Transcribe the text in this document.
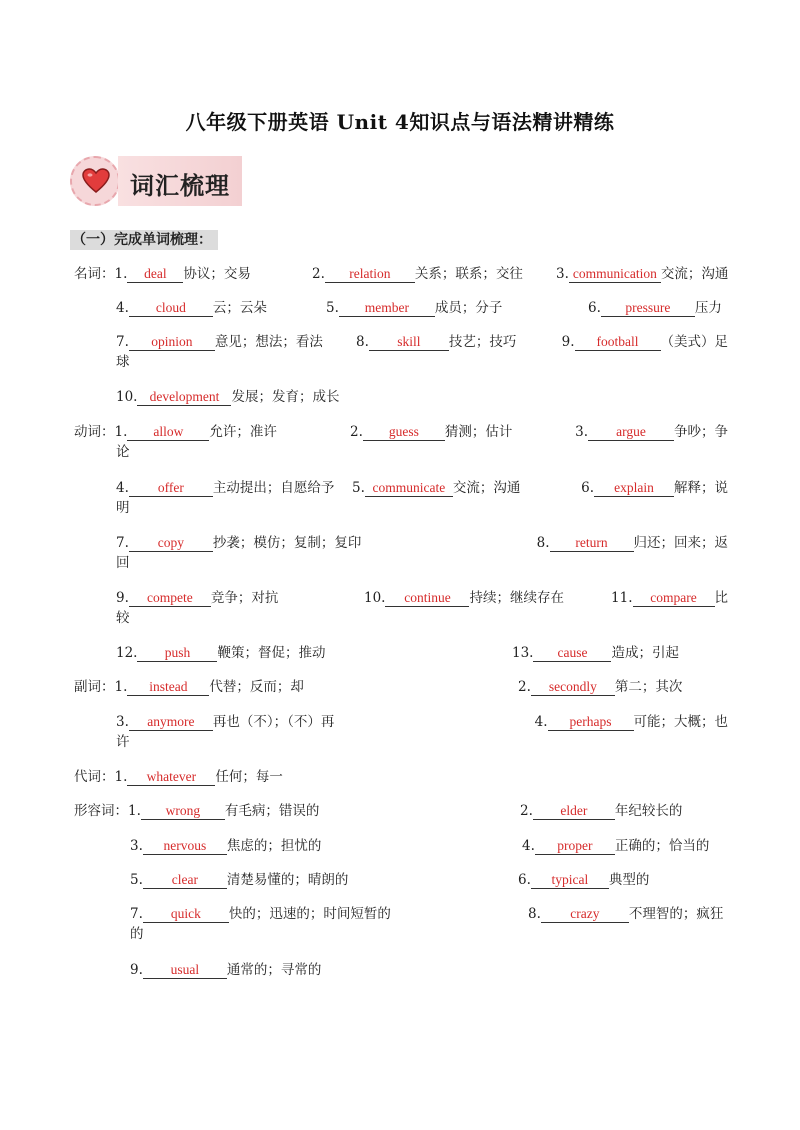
八年级下册英语 Unit 4知识点与语法精讲精练
词汇梳理
（一）完成单词梳理：
名词：1. deal 协议；交易	2. relation 关系；联系；交往 3. communication 交流；沟通
4. cloud 云；云朵	5. member 成员；分子	6. pressure 压力
7. opinion 意见；想法；看法 8. skill 技艺；技巧	9. football （美式）足
球
10. development 发展；发育；成长
动词：1. allow 允许；准许	2. guess 猜测；估计	3. argue 争吵；争
论
4. offer 主动提出；自愿给予 5. communicate 交流；沟通	6. explain 解释；说
明
7. copy 抄袭；模仿；复制；复印	8. return 归还；回来；返
回
9. compete 竞争；对抗	10. continue 持续；继续存在	11. compare 比
较
12. push 鞭策；督促；推动	13. cause 造成；引起
副词：1. instead 代替；反而；却	2. secondly 第二；其次
3. anymore 再也（不）；（不）再	4. perhaps 可能；大概；也
许
代词：1. whatever 任何；每一
形容词：1. wrong 有毛病；错误的	2. elder 年纪较长的
3. nervous 焦虑的；担忧的	4. proper 正确的；恰当的
5. clear 清楚易懂的；晴朗的	6. typical 典型的
7. quick 快的；迅速的；时间短暂的
的
8. crazy 不理智的；疯狂
9. usual 通常的；寻常的
